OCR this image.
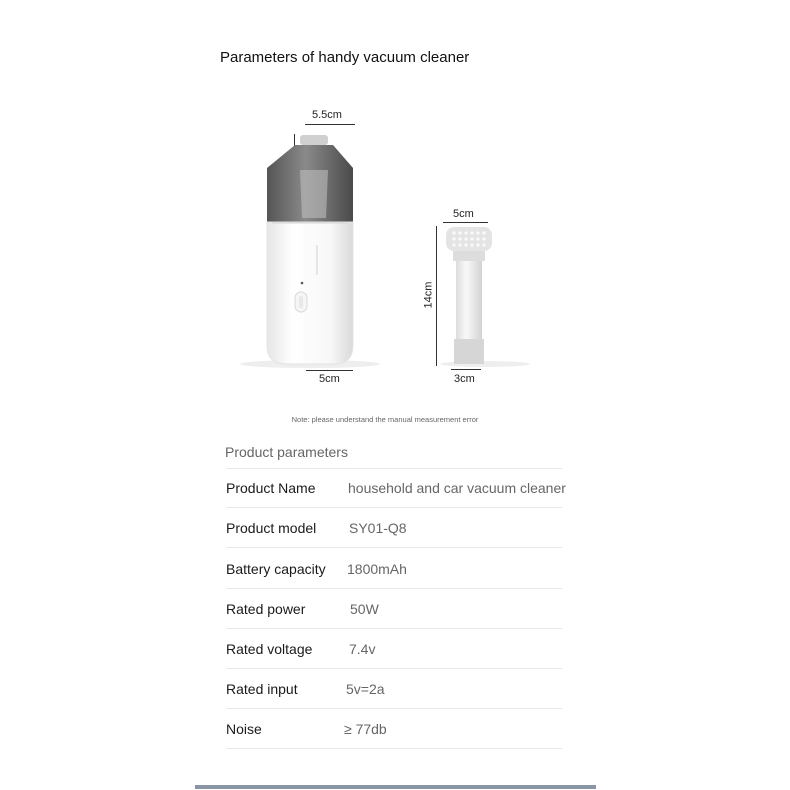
Parameters of handy vacuum cleaner
5.5cm
5cm
5cm
14cm
3cm
Note: please understand the manual measurement error
Product parameters
Product Name household and car vacuum cleaner
Product model SY01-Q8
Battery capacity 1800mAh
Rated power	50W
Rated voltage	7.4v
Rated input	5v=2a
Noise	≥ 77db
